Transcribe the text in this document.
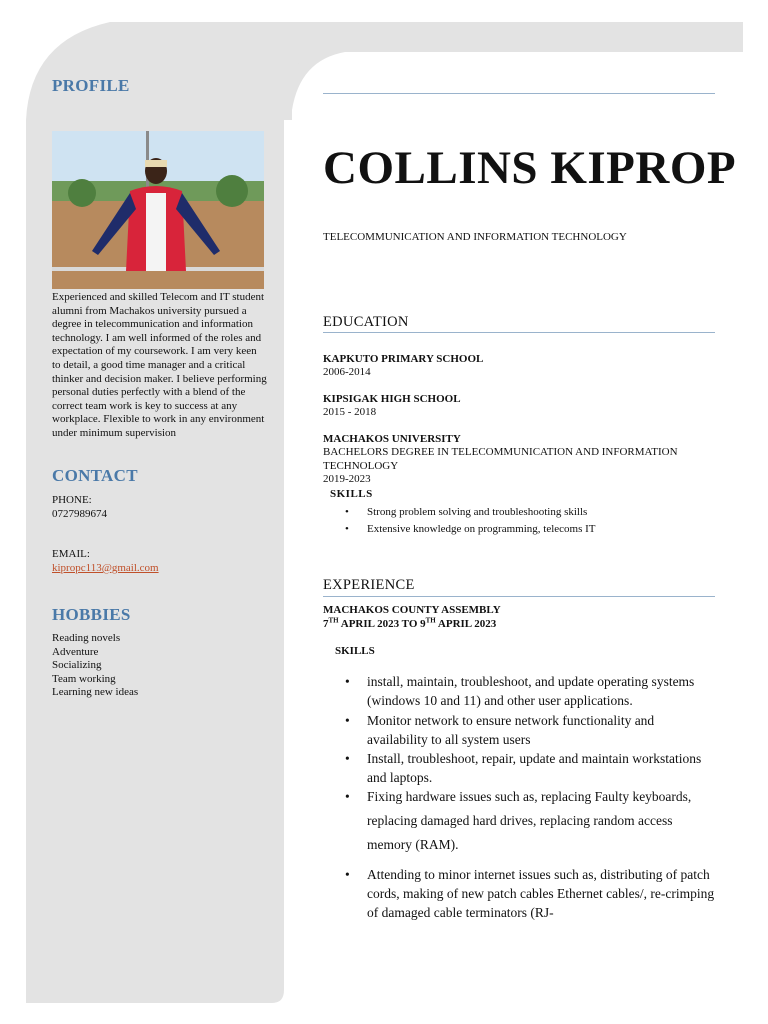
PROFILE
Experienced and skilled Telecom and IT student alumni from Machakos university pursued a degree in telecommunication and information technology. I am well informed of the roles and expectation of my coursework. I am very keen to detail, a good time manager and a critical thinker and decision maker. I believe performing personal duties perfectly with a blend of the correct team work is key to success at any workplace. Flexible to work in any environment under minimum supervision
CONTACT
PHONE:
0727989674
EMAIL:
kipropc113@gmail.com
HOBBIES
Reading novels
Adventure
Socializing
Team working
Learning new ideas
COLLINS KIPROP
TELECOMMUNICATION AND INFORMATION TECHNOLOGY
EDUCATION
KAPKUTO PRIMARY SCHOOL
2006-2014
KIPSIGAK HIGH SCHOOL
2015 - 2018
MACHAKOS UNIVERSITY
BACHELORS DEGREE IN TELECOMMUNICATION AND INFORMATION TECHNOLOGY
2019-2023
SKILLS
• Strong problem solving and troubleshooting skills
• Extensive knowledge on programming, telecoms IT
EXPERIENCE
MACHAKOS COUNTY ASSEMBLY
7TH APRIL 2023 TO 9TH APRIL 2023
SKILLS
• install, maintain, troubleshoot, and update operating systems (windows 10 and 11) and other user applications.
• Monitor network to ensure network functionality and availability to all system users
• Install, troubleshoot, repair, update and maintain workstations and laptops.
• Fixing hardware issues such as, replacing Faulty keyboards, replacing damaged hard drives, replacing random access memory (RAM).
• Attending to minor internet issues such as, distributing of patch cords, making of new patch cables Ethernet cables/, re-crimping of damaged cable terminators (RJ-
